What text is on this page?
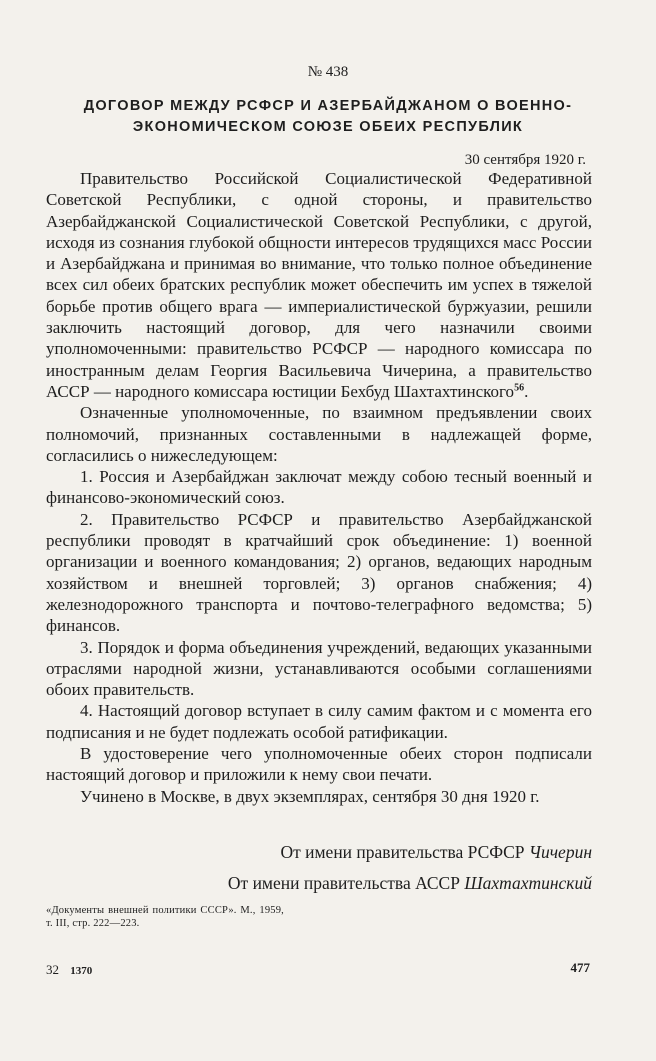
№ 438
ДОГОВОР МЕЖДУ РСФСР И АЗЕРБАЙДЖАНОМ О ВОЕННО-
ЭКОНОМИЧЕСКОМ СОЮЗЕ ОБЕИХ РЕСПУБЛИК
30 сентября 1920 г.

Правительство Российской Социалистической Федеративной Советской Республики, с одной стороны, и правительство Азербайджанской Социалистической Советской Республики, с другой, исходя из сознания глубокой общности интересов трудящихся масс России и Азербайджана и принимая во внимание, что только полное объединение всех сил обеих братских республик может обеспечить им успех в тяжелой борьбе против общего врага — империалистической буржуазии, решили заключить настоящий договор, для чего назначили своими уполномоченными: правительство РСФСР — народного комиссара по иностранным делам Георгия Васильевича Чичерина, а правительство АССР — народного комиссара юстиции Бехбуд Шахтахтинского$^{56}$.

Означенные уполномоченные, по взаимном предъявлении своих полномочий, признанных составленными в надлежащей форме, согласились о нижеследующем:

1. Россия и Азербайджан заключат между собою тесный военный и финансово-экономический союз.

2. Правительство РСФСР и правительство Азербайджанской республики проводят в кратчайший срок объединение: 1) военной организации и военного командования; 2) органов, ведающих народным хозяйством и внешней торговлей; 3) органов снабжения; 4) железнодорожного транспорта и почтово-телеграфного ведомства; 5) финансов.

3. Порядок и форма объединения учреждений, ведающих указанными отраслями народной жизни, устанавливаются особыми соглашениями обоих правительств.

4. Настоящий договор вступает в силу самим фактом и с момента его подписания и не будет подлежать особой ратификации.

В удостоверение чего уполномоченные обеих сторон подписали настоящий договор и приложили к нему свои печати.

Учинено в Москве, в двух экземплярах, сентября 30 дня 1920 г.

От имени правительства РСФСР Чичерин
От имени правительства АССР Шахтахтинский
«Документы внешней политики СССР». М., 1959, т. III, стр. 222—223.
32 1370	477
